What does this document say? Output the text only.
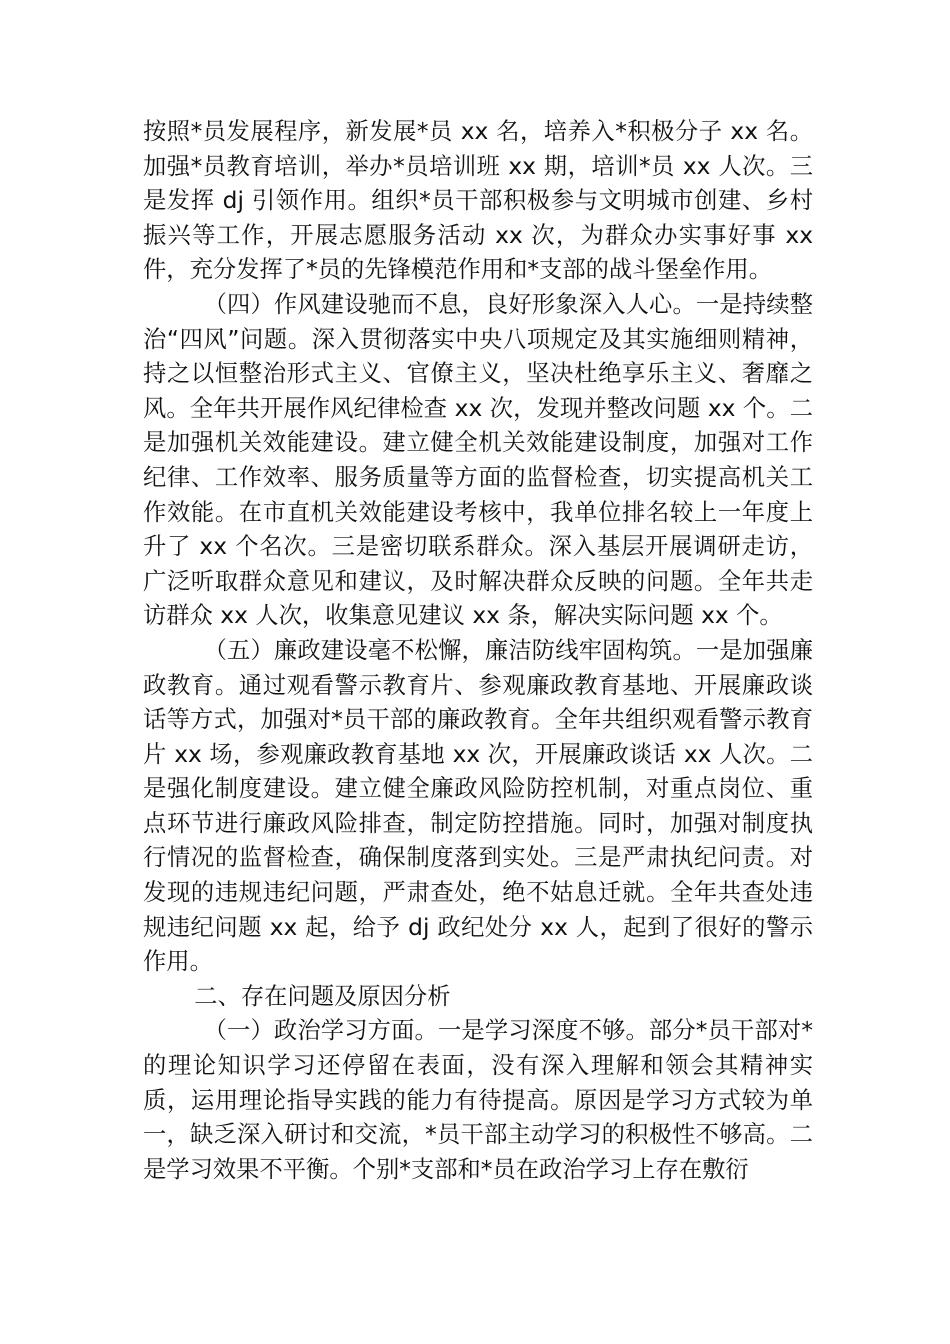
按照*员发展程序，新发展*员 xx 名，培养入*积极分子 xx 名。加强*员教育培训，举办*员培训班 xx 期，培训*员 xx 人次。三是发挥 dj 引领作用。组织*员干部积极参与文明城市创建、乡村振兴等工作，开展志愿服务活动 xx 次，为群众办实事好事 xx 件，充分发挥了*员的先锋模范作用和*支部的战斗堡垒作用。

（四）作风建设驰而不息，良好形象深入人心。一是持续整治“四风”问题。深入贯彻落实中央八项规定及其实施细则精神，持之以恒整治形式主义、官僚主义，坚决杜绝享乐主义、奢靡之风。全年共开展作风纪律检查 xx 次，发现并整改问题 xx 个。二是加强机关效能建设。建立健全机关效能建设制度，加强对工作纪律、工作效率、服务质量等方面的监督检查，切实提高机关工作效能。在市直机关效能建设考核中，我单位排名较上一年度上升了 xx 个名次。三是密切联系群众。深入基层开展调研走访，广泛听取群众意见和建议，及时解决群众反映的问题。全年共走访群众 xx 人次，收集意见建议 xx 条，解决实际问题 xx 个。

（五）廉政建设毫不松懈，廉洁防线牢固构筑。一是加强廉政教育。通过观看警示教育片、参观廉政教育基地、开展廉政谈话等方式，加强对*员干部的廉政教育。全年共组织观看警示教育片 xx 场，参观廉政教育基地 xx 次，开展廉政谈话 xx 人次。二是强化制度建设。建立健全廉政风险防控机制，对重点岗位、重点环节进行廉政风险排查，制定防控措施。同时，加强对制度执行情况的监督检查，确保制度落到实处。三是严肃执纪问责。对发现的违规违纪问题，严肃查处，绝不姑息迁就。全年共查处违规违纪问题 xx 起，给予 dj 政纪处分 xx 人，起到了很好的警示作用。

二、存在问题及原因分析

（一）政治学习方面。一是学习深度不够。部分*员干部对*的理论知识学习还停留在表面，没有深入理解和领会其精神实质，运用理论指导实践的能力有待提高。原因是学习方式较为单一，缺乏深入研讨和交流，*员干部主动学习的积极性不够高。二是学习效果不平衡。个别*支部和*员在政治学习上存在敷衍
